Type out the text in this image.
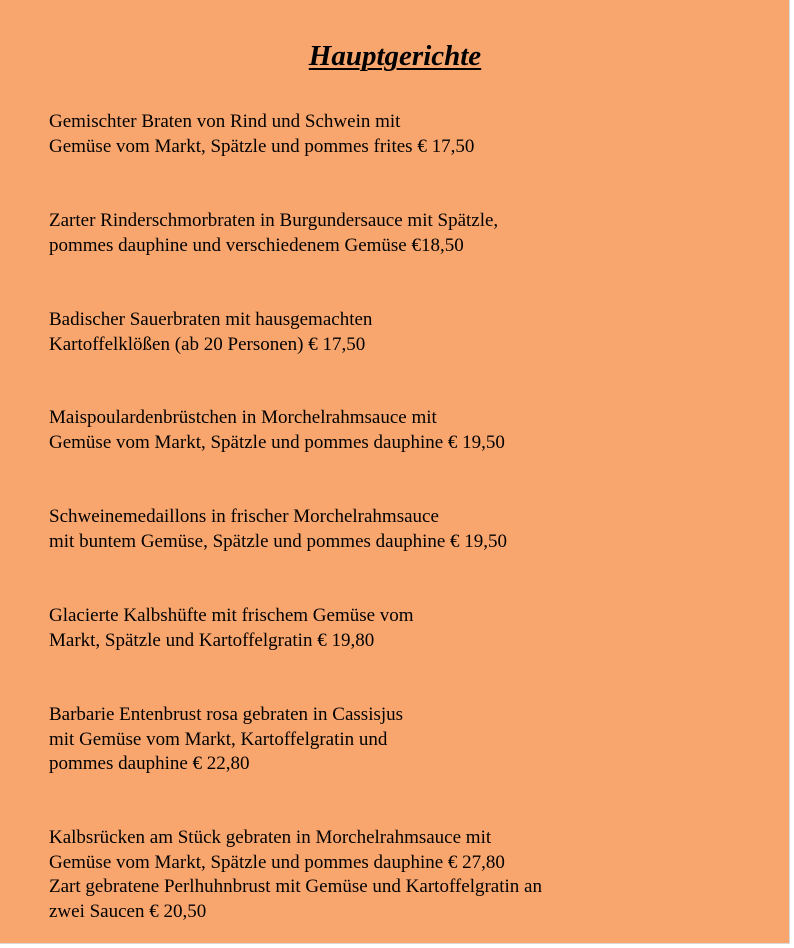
Hauptgerichte

Gemischter Braten von Rind und Schwein mit
Gemüse vom Markt, Spätzle und pommes frites € 17,50

Zarter Rinderschmorbraten in Burgundersauce mit Spätzle,
pommes dauphine und verschiedenem Gemüse €18,50

Badischer Sauerbraten mit hausgemachten
Kartoffelklößen (ab 20 Personen) € 17,50

Maispoulardenbrüstchen in Morchelrahmsauce mit
Gemüse vom Markt, Spätzle und pommes dauphine € 19,50

Schweinemedaillons in frischer Morchelrahmsauce
mit buntem Gemüse, Spätzle und pommes dauphine € 19,50

Glacierte Kalbshüfte mit frischem Gemüse vom
Markt, Spätzle und Kartoffelgratin € 19,80

Barbarie Entenbrust rosa gebraten in Cassisjus
mit Gemüse vom Markt, Kartoffelgratin und
pommes dauphine € 22,80

Kalbsrücken am Stück gebraten in Morchelrahmsauce mit
Gemüse vom Markt, Spätzle und pommes dauphine € 27,80
Zart gebratene Perlhuhnbrust mit Gemüse und Kartoffelgratin an
zwei Saucen € 20,50
